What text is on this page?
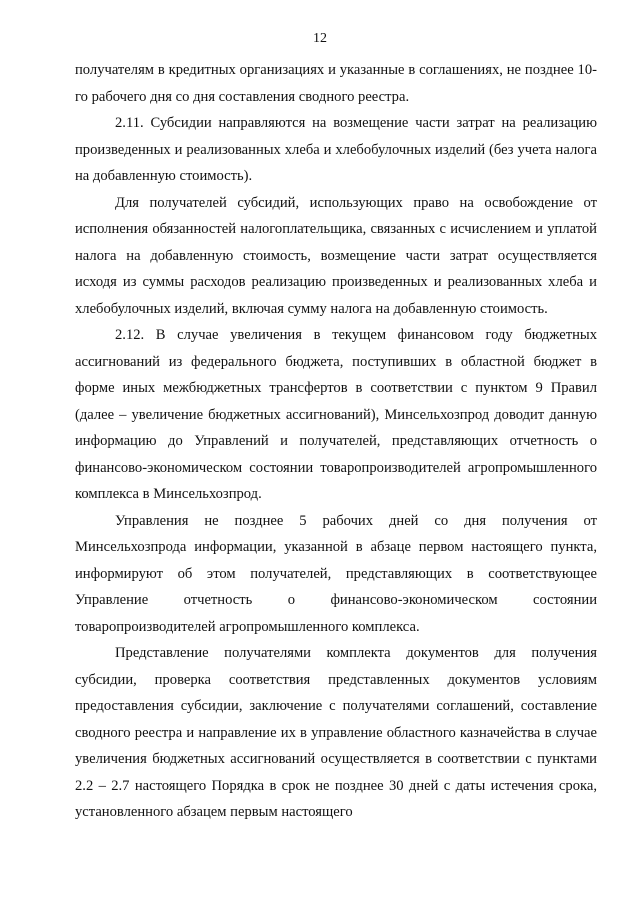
12

получателям в кредитных организациях и указанные в соглашениях, не позднее 10-го рабочего дня со дня составления сводного реестра.

2.11. Субсидии направляются на возмещение части затрат на реализацию произведенных и реализованных хлеба и хлебобулочных изделий (без учета налога на добавленную стоимость).

Для получателей субсидий, использующих право на освобождение от исполнения обязанностей налогоплательщика, связанных с исчислением и уплатой налога на добавленную стоимость, возмещение части затрат осуществляется исходя из суммы расходов реализацию произведенных и реализованных хлеба и хлебобулочных изделий, включая сумму налога на добавленную стоимость.

2.12. В случае увеличения в текущем финансовом году бюджетных ассигнований из федерального бюджета, поступивших в областной бюджет в форме иных межбюджетных трансфертов в соответствии с пунктом 9 Правил (далее – увеличение бюджетных ассигнований), Минсельхозпрод доводит данную информацию до Управлений и получателей, представляющих отчетность о финансово-экономическом состоянии товаропроизводителей агропромышленного комплекса в Минсельхозпрод.

Управления не позднее 5 рабочих дней со дня получения от Минсельхозпрода информации, указанной в абзаце первом настоящего пункта, информируют об этом получателей, представляющих в соответствующее Управление отчетность о финансово-экономическом состоянии товаропроизводителей агропромышленного комплекса.

Представление получателями комплекта документов для получения субсидии, проверка соответствия представленных документов условиям предоставления субсидии, заключение с получателями соглашений, составление сводного реестра и направление их в управление областного казначейства в случае увеличения бюджетных ассигнований осуществляется в соответствии с пунктами 2.2 – 2.7 настоящего Порядка в срок не позднее 30 дней с даты истечения срока, установленного абзацем первым настоящего
